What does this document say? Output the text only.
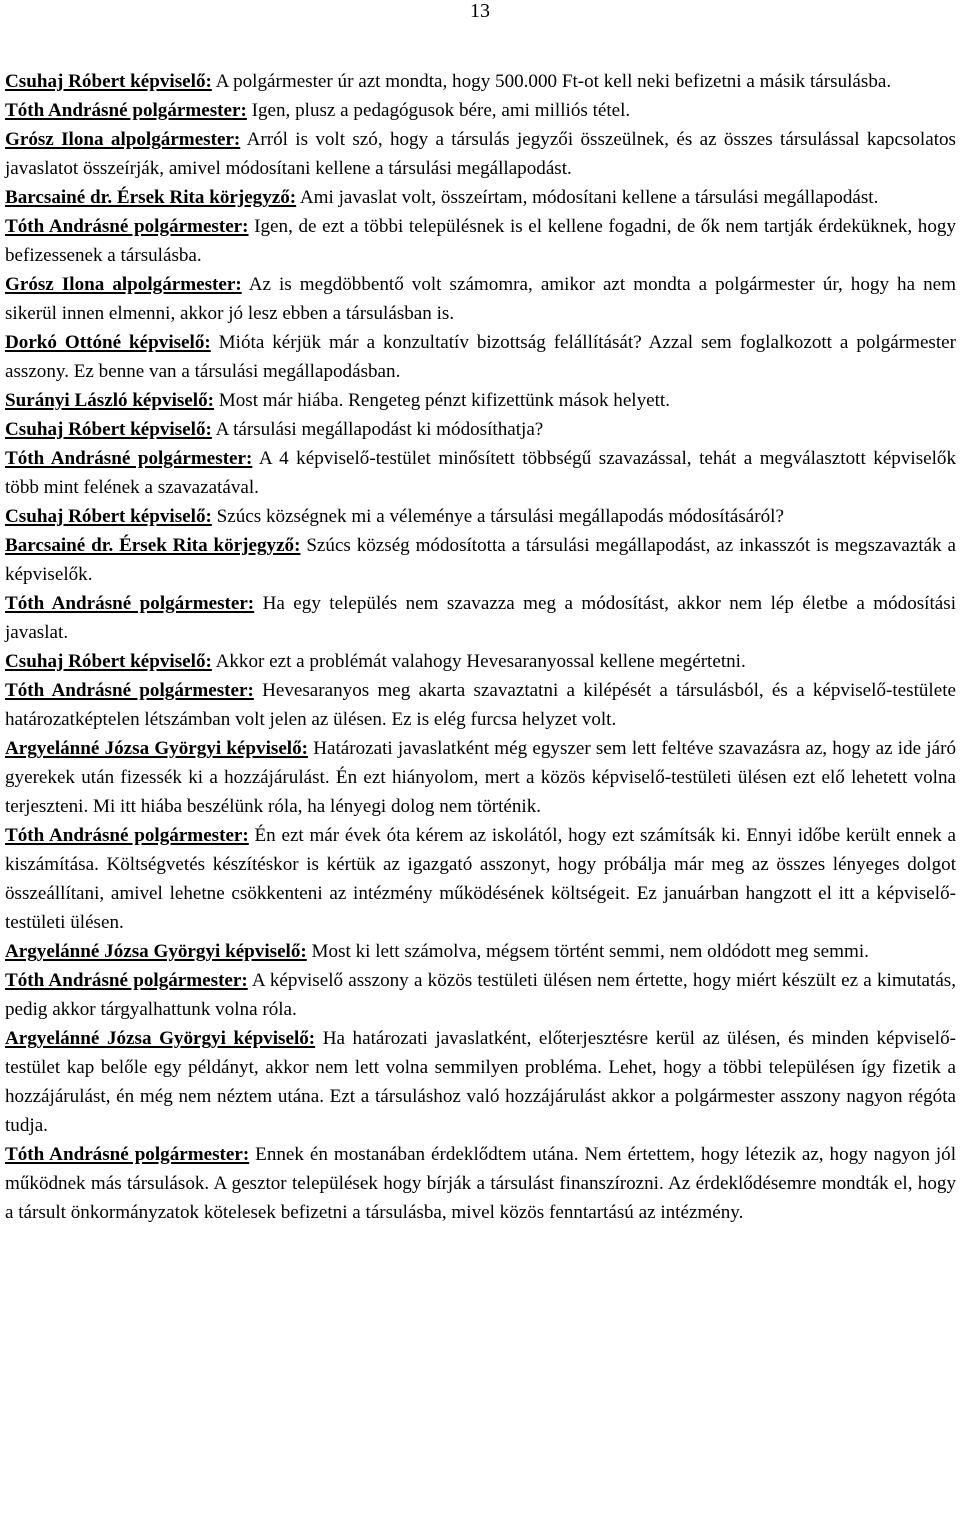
13

Csuhaj Róbert képviselő: A polgármester úr azt mondta, hogy 500.000 Ft-ot kell neki befizetni a másik társulásba.

Tóth Andrásné polgármester: Igen, plusz a pedagógusok bére, ami milliós tétel.

Grósz Ilona alpolgármester: Arról is volt szó, hogy a társulás jegyzői összeülnek, és az összes társulással kapcsolatos javaslatot összeírják, amivel módosítani kellene a társulási megállapodást.

Barcsainé dr. Érsek Rita körjegyző: Ami javaslat volt, összeírtam, módosítani kellene a társulási megállapodást.

Tóth Andrásné polgármester: Igen, de ezt a többi településnek is el kellene fogadni, de ők nem tartják érdeküknek, hogy befizessenek a társulásba.

Grósz Ilona alpolgármester: Az is megdöbbentő volt számomra, amikor azt mondta a polgármester úr, hogy ha nem sikerül innen elmenni, akkor jó lesz ebben a társulásban is.

Dorkó Ottóné képviselő: Mióta kérjük már a konzultatív bizottság felállítását? Azzal sem foglalkozott a polgármester asszony. Ez benne van a társulási megállapodásban.

Surányi László képviselő: Most már hiába. Rengeteg pénzt kifizettünk mások helyett.

Csuhaj Róbert képviselő: A társulási megállapodást ki módosíthatja?

Tóth Andrásné polgármester: A 4 képviselő-testület minősített többségű szavazással, tehát a megválasztott képviselők több mint felének a szavazatával.

Csuhaj Róbert képviselő: Szúcs községnek mi a véleménye a társulási megállapodás módosításáról?

Barcsainé dr. Érsek Rita körjegyző: Szúcs község módosította a társulási megállapodást, az inkasszót is megszavazták a képviselők.

Tóth Andrásné polgármester: Ha egy település nem szavazza meg a módosítást, akkor nem lép életbe a módosítási javaslat.

Csuhaj Róbert képviselő: Akkor ezt a problémát valahogy Hevesaranyossal kellene megértetni.

Tóth Andrásné polgármester: Hevesaranyos meg akarta szavaztatni a kilépését a társulásból, és a képviselő-testülete határozatképtelen létszámban volt jelen az ülésen. Ez is elég furcsa helyzet volt.

Argyelánné Józsa Györgyi képviselő: Határozati javaslatként még egyszer sem lett feltéve szavazásra az, hogy az ide járó gyerekek után fizessék ki a hozzájárulást. Én ezt hiányolom, mert a közös képviselő-testületi ülésen ezt elő lehetett volna terjeszteni. Mi itt hiába beszélünk róla, ha lényegi dolog nem történik.

Tóth Andrásné polgármester: Én ezt már évek óta kérem az iskolától, hogy ezt számítsák ki. Ennyi időbe került ennek a kiszámítása. Költségvetés készítéskor is kértük az igazgató asszonyt, hogy próbálja már meg az összes lényeges dolgot összeállítani, amivel lehetne csökkenteni az intézmény működésének költségeit. Ez januárban hangzott el itt a képviselő-testületi ülésen.

Argyelánné Józsa Györgyi képviselő: Most ki lett számolva, mégsem történt semmi, nem oldódott meg semmi.

Tóth Andrásné polgármester: A képviselő asszony a közös testületi ülésen nem értette, hogy miért készült ez a kimutatás, pedig akkor tárgyalhattunk volna róla.

Argyelánné Józsa Györgyi képviselő: Ha határozati javaslatként, előterjesztésre kerül az ülésen, és minden képviselő-testület kap belőle egy példányt, akkor nem lett volna semmilyen probléma. Lehet, hogy a többi településen így fizetik a hozzájárulást, én még nem néztem utána. Ezt a társuláshoz való hozzájárulást akkor a polgármester asszony nagyon régóta tudja.

Tóth Andrásné polgármester: Ennek én mostanában érdeklődtem utána. Nem értettem, hogy létezik az, hogy nagyon jól működnek más társulások. A gesztor települések hogy bírják a társulást finanszírozni. Az érdeklődésemre mondták el, hogy a társult önkormányzatok kötelesek befizetni a társulásba, mivel közös fenntartású az intézmény.
